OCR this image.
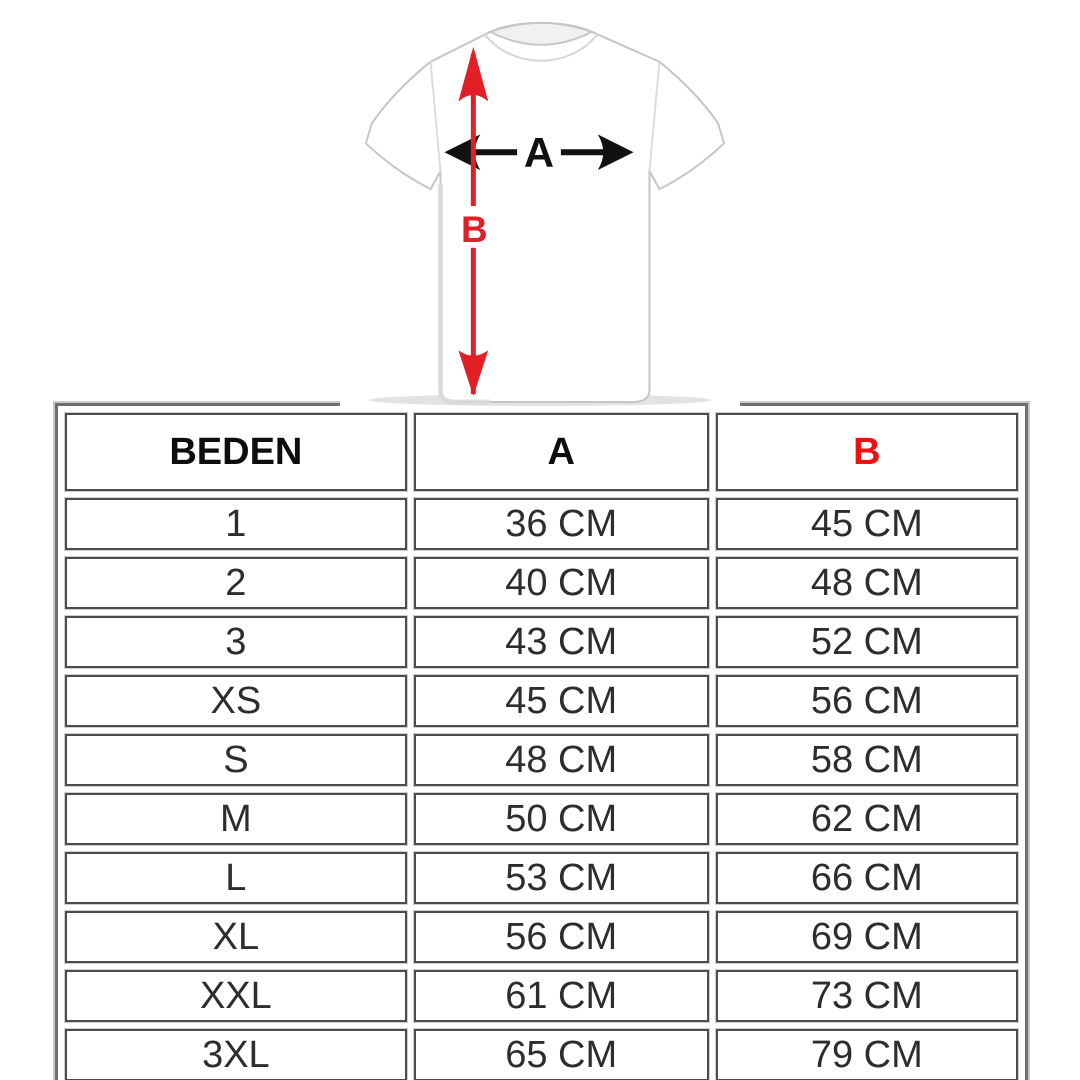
BEDEN	A	B
1	36 CM	45 CM
2	40 CM	48 CM
3	43 CM	52 CM
XS	45 CM	56 CM
S	48 CM	58 CM
M	50 CM	62 CM
L	53 CM	66 CM
XL	56 CM	69 CM
XXL	61 CM	73 CM
3XL	65 CM	79 CM
A
B
